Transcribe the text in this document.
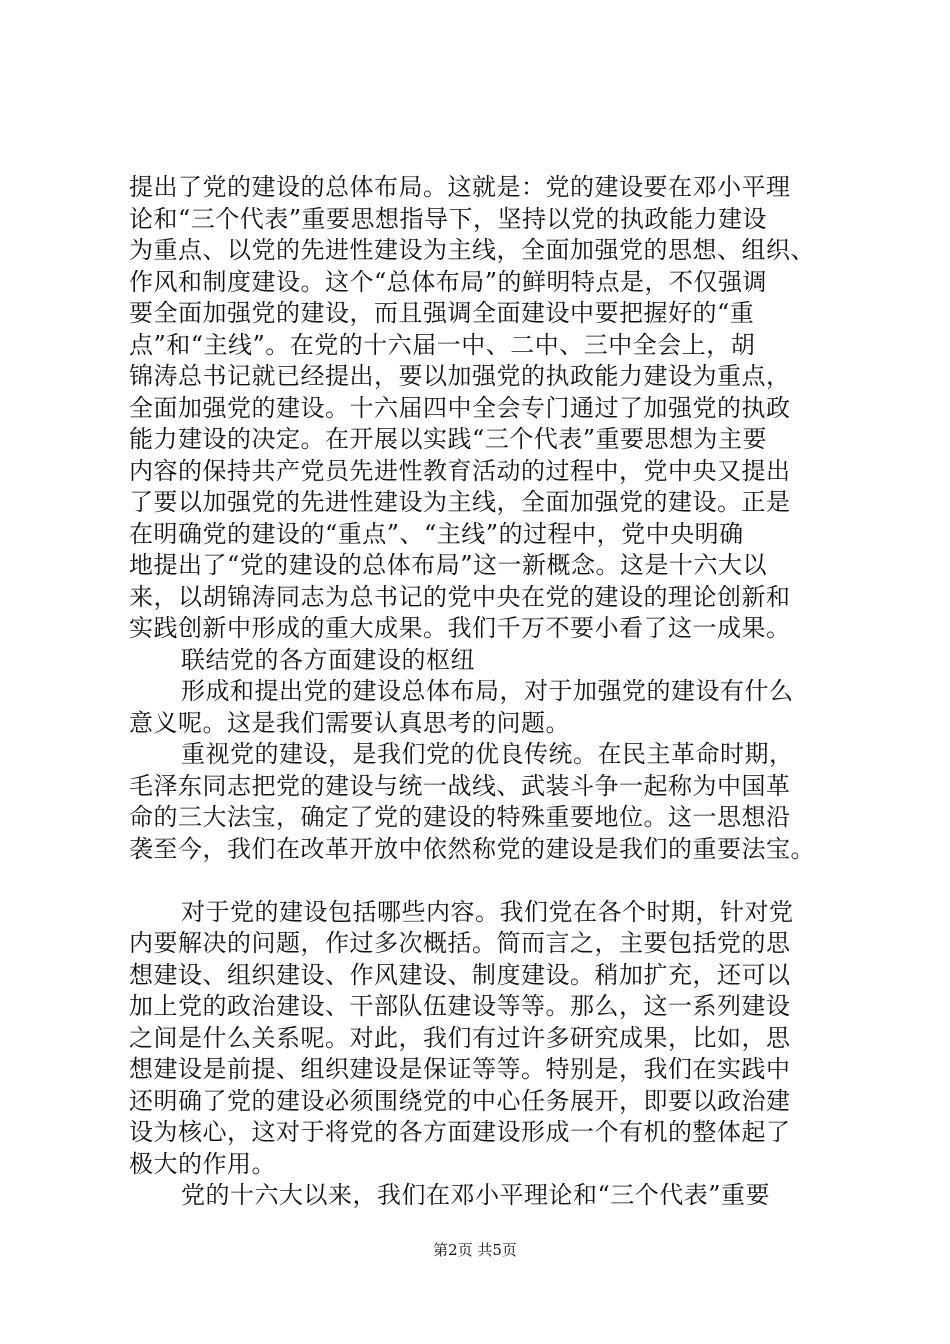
提出了党的建设的总体布局。这就是：党的建设要在邓小平理
论和“三个代表”重要思想指导下，坚持以党的执政能力建设
为重点、以党的先进性建设为主线，全面加强党的思想、组织、
作风和制度建设。这个“总体布局”的鲜明特点是，不仅强调
要全面加强党的建设，而且强调全面建设中要把握好的“重
点”和“主线”。在党的十六届一中、二中、三中全会上，胡
锦涛总书记就已经提出，要以加强党的执政能力建设为重点，
全面加强党的建设。十六届四中全会专门通过了加强党的执政
能力建设的决定。在开展以实践“三个代表”重要思想为主要
内容的保持共产党员先进性教育活动的过程中，党中央又提出
了要以加强党的先进性建设为主线，全面加强党的建设。正是
在明确党的建设的“重点”、“主线”的过程中，党中央明确
地提出了“党的建设的总体布局”这一新概念。这是十六大以
来，以胡锦涛同志为总书记的党中央在党的建设的理论创新和
实践创新中形成的重大成果。我们千万不要小看了这一成果。
联结党的各方面建设的枢纽
形成和提出党的建设总体布局，对于加强党的建设有什么
意义呢。这是我们需要认真思考的问题。
重视党的建设，是我们党的优良传统。在民主革命时期，
毛泽东同志把党的建设与统一战线、武装斗争一起称为中国革
命的三大法宝，确定了党的建设的特殊重要地位。这一思想沿
袭至今，我们在改革开放中依然称党的建设是我们的重要法宝。
对于党的建设包括哪些内容。我们党在各个时期，针对党
内要解决的问题，作过多次概括。简而言之，主要包括党的思
想建设、组织建设、作风建设、制度建设。稍加扩充，还可以
加上党的政治建设、干部队伍建设等等。那么，这一系列建设
之间是什么关系呢。对此，我们有过许多研究成果，比如，思
想建设是前提、组织建设是保证等等。特别是，我们在实践中
还明确了党的建设必须围绕党的中心任务展开，即要以政治建
设为核心，这对于将党的各方面建设形成一个有机的整体起了
极大的作用。
党的十六大以来，我们在邓小平理论和“三个代表”重要
第2页 共5页
